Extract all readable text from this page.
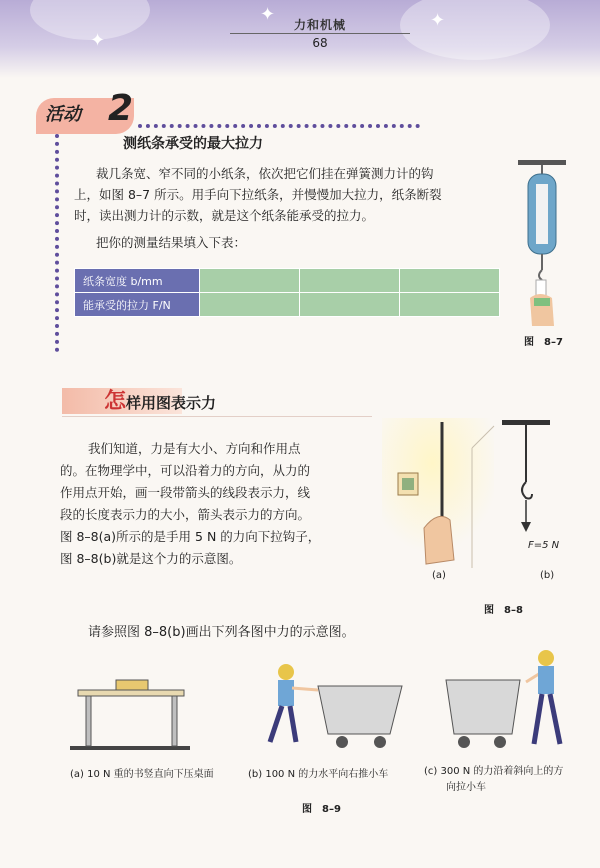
✦	✦
✦
力和机械
68
活动 2
测纸条承受的最大拉力
裁几条宽、窄不同的小纸条，依次把它们挂在弹簧测力计的钩
上，如图 8–7 所示。用手向下拉纸条，并慢慢加大拉力，纸条断裂
时，读出测力计的示数，就是这个纸条能承受的拉力。
把你的测量结果填入下表：
纸条宽度 b/mm			
能承受的拉力 F/N			
图　8–7
怎 样用图表示力
我们知道，力是有大小、方向和作用点
的。在物理学中，可以沿着力的方向，从力的
作用点开始，画一段带箭头的线段表示力，线
段的长度表示力的大小，箭头表示力的方向。
图 8–8(a)所示的是手用 5 N 的力向下拉钩子，
图 8–8(b)就是这个力的示意图。
F=5 N
(a)	(b)
图　8–8
请参照图 8–8(b)画出下列各图中力的示意图。
(a) 10 N 重的书竖直向下压桌面	(b) 100 N 的力水平向右推小车	(c) 300 N 的力沿着斜向上的方
向拉小车
图　8–9
